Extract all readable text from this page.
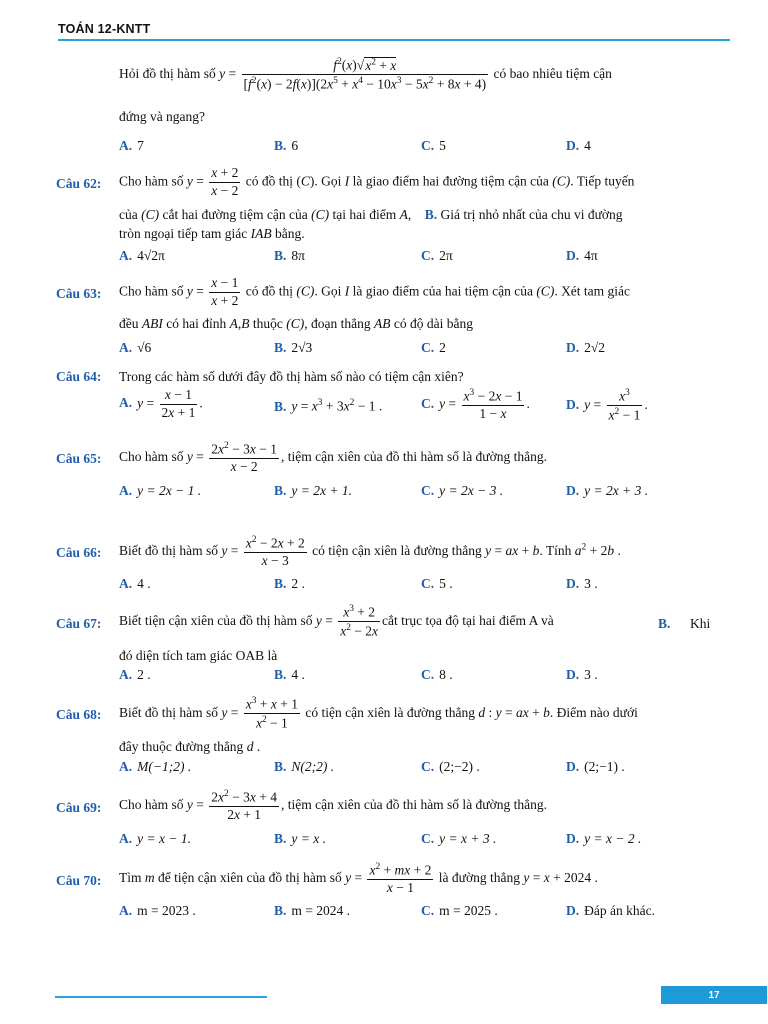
TOÁN 12-KNTT
Hỏi đồ thị hàm số $y = \frac{f^2(x)√x^2 + x}{[f^2(x) - 2f(x)](2x^5 + x^4 - 10x^3 - 5x^2 + 8x + 4)}$ có bao nhiêu tiệm cận
đứng và ngang?
A. 7	B. 6	C. 5	D. 4
Câu 62: Cho hàm số $y = \frac{x + 2}{x - 2}$ có đồ thị (C). Gọi I là giao điểm hai đường tiệm cận của (C). Tiếp tuyến
của (C) cắt hai đường tiệm cận của (C) tại hai điểm A,    B. Giá trị nhỏ nhất của chu vi đường
tròn ngoại tiếp tam giác IAB bằng.
A. 4√2π	B. 8π	C. 2π	D. 4π
Câu 63: Cho hàm số $y = \frac{x - 1}{x + 2}$ có đồ thị (C). Gọi I là giao điểm của hai tiệm cận của (C). Xét tam giác
đều ABI có hai đỉnh A,B thuộc (C), đoạn thẳng AB có độ dài bằng
A. √6	B. 2√3	C. 2	D. 2√2
Câu 64: Trong các hàm số dưới đây đồ thị hàm số nào có tiệm cận xiên?
A. $y = \frac{x - 1}{2x + 1}$ .	B. $y = x^3 + 3x^2 - 1$ .	C. $y = \frac{x^3 - 2x - 1}{1 - x}$ .	D. $y = \frac{x^3}{x^2 - 1}$ .
Câu 65: Cho hàm số $y = \frac{2x^2 - 3x - 1}{x - 2}$ , tiệm cận xiên của đồ thi hàm số là đường thẳng.
A. y = 2x − 1 .	B. y = 2x + 1.	C. y = 2x − 3 .	D. y = 2x + 3 .
Câu 66: Biết đồ thị hàm số $y = \frac{x^2 - 2x + 2}{x - 3}$ có tiện cận xiên là đường thẳng y = ax + b. Tính $a^2 + 2b$ .
A. 4 .	B. 2 .	C. 5 .	D. 3 .
Câu 67: Biết tiện cận xiên của đồ thị hàm số $y = \frac{x^3 + 2}{x^2 - 2x}$ cắt trục tọa độ tại hai điểm A và	B. Khi
đó diện tích tam giác OAB là
A. 2 .	B. 4 .	C. 8 .	D. 3 .
Câu 68: Biết đồ thị hàm số $y = \frac{x^3 + x + 1}{x^2 - 1}$ có tiện cận xiên là đường thẳng d : y = ax + b. Điểm nào dưới
đây thuộc đường thẳng d .
A. M(−1;2) .	B. N(2;2) .	C. (2;−2) .	D. (2;−1) .
Câu 69: Cho hàm số $y = \frac{2x^2 - 3x + 4}{2x + 1}$ , tiệm cận xiên của đồ thi hàm số là đường thẳng.
A. y = x − 1.	B. y = x .	C. y = x + 3 .	D. y = x − 2 .
Câu 70: Tìm m để tiện cận xiên của đồ thị hàm số $y = \frac{x^2 + mx + 2}{x - 1}$ là đường thẳng y = x + 2024 .
A. m = 2023 .	B. m = 2024 .	C. m = 2025 .	D. Đáp án khác.
17
